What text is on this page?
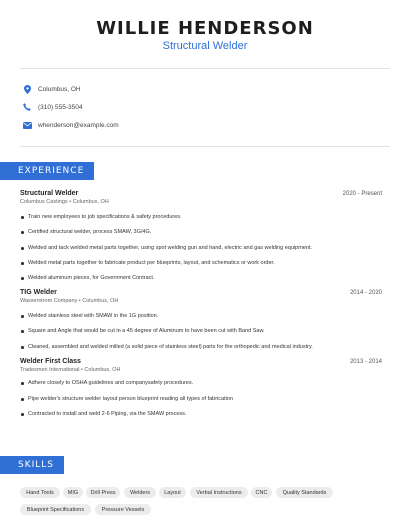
WILLIE HENDERSON
Structural Welder
Columbus, OH
(310) 555-3504
whenderson@example.com
EXPERIENCE
Structural Welder	2020 - Present
Columbus Castings • Columbus, OH
Train new employees to job specifications & safety procedures.
Certified structural welder, process SMAW, 3G/4G.
Welded and tack welded metal parts together, using spot welding gun and hand, electric and gas welding equipment.
Welded metal parts together to fabricate product per blueprints, layout, and schematics or work order.
Welded aluminum pieces, for Government Contract.
TIG Welder	2014 - 2020
Wasserstrom Company • Columbus, OH
Welded stainless steel with SMAW in the 1G position.
Square and Angle that would be cut in a 45 degree of Aluminum to have been cut with Band Saw.
Cleaned, assembled and welded milled (a solid piece of stainless steel) parts for the orthopedic and medical industry.
Welder First Class	2013 - 2014
Tradesmen International • Columbus, OH
Adhere closely to OSHA guidelines and companysafety procedures.
Pipe welder's structure welder layout person blueprint reading all types of fabrication
Contracted to install and weld 2-6 Piping, via the SMAW process.
SKILLS
Hand Tools	MIG	Drill Press	Welders	Layout	Verbal Instructions	CNC	Quality Standards
Blueprint Specifications	Pressure Vessels
